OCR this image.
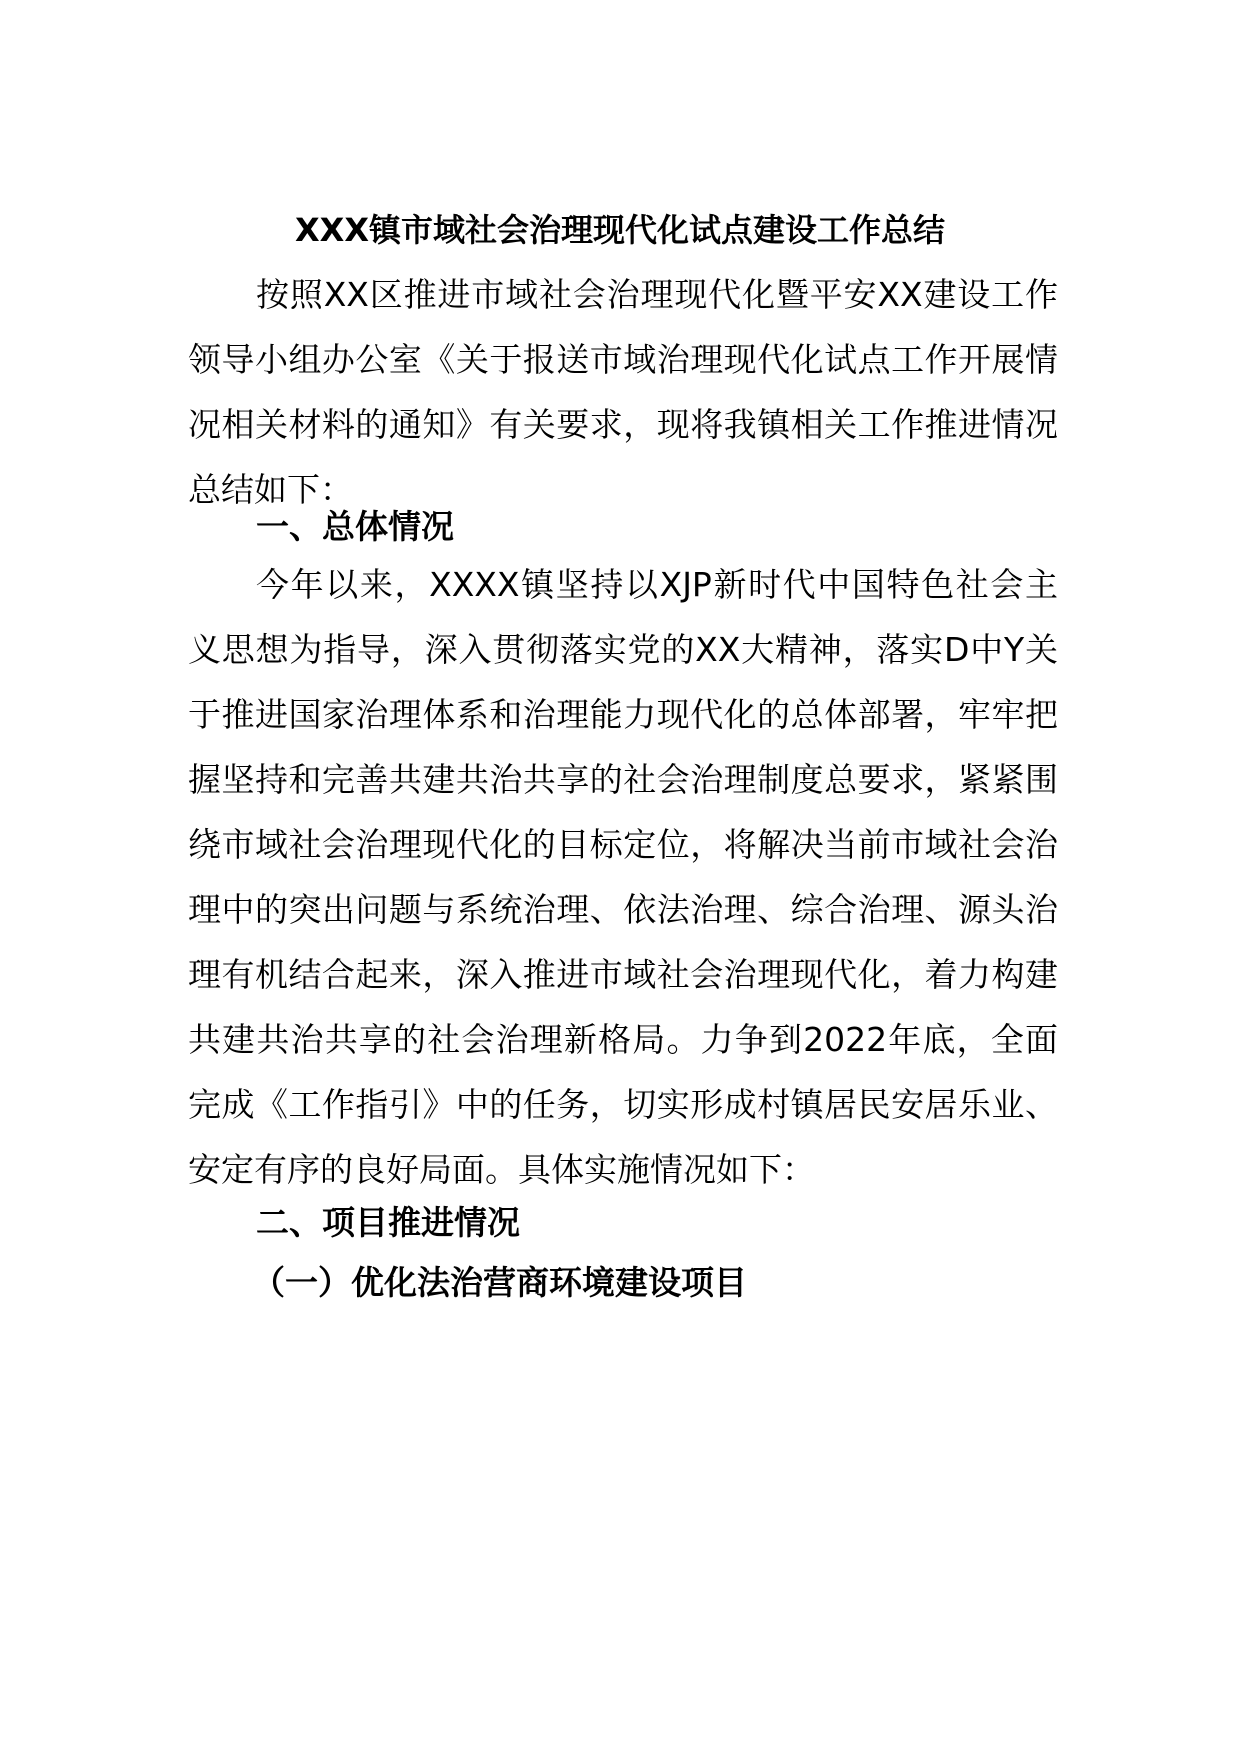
XXX镇市域社会治理现代化试点建设工作总结

按照XX区推进市域社会治理现代化暨平安XX建设工作领导小组办公室《关于报送市域治理现代化试点工作开展情况相关材料的通知》有关要求，现将我镇相关工作推进情况总结如下：

一、总体情况

今年以来，XXXX镇坚持以XJP新时代中国特色社会主义思想为指导，深入贯彻落实党的XX大精神，落实D中Y关于推进国家治理体系和治理能力现代化的总体部署，牢牢把握坚持和完善共建共治共享的社会治理制度总要求，紧紧围绕市域社会治理现代化的目标定位，将解决当前市域社会治理中的突出问题与系统治理、依法治理、综合治理、源头治理有机结合起来，深入推进市域社会治理现代化，着力构建共建共治共享的社会治理新格局。力争到2022年底，全面完成《工作指引》中的任务，切实形成村镇居民安居乐业、安定有序的良好局面。具体实施情况如下：

二、项目推进情况
（一）优化法治营商环境建设项目
